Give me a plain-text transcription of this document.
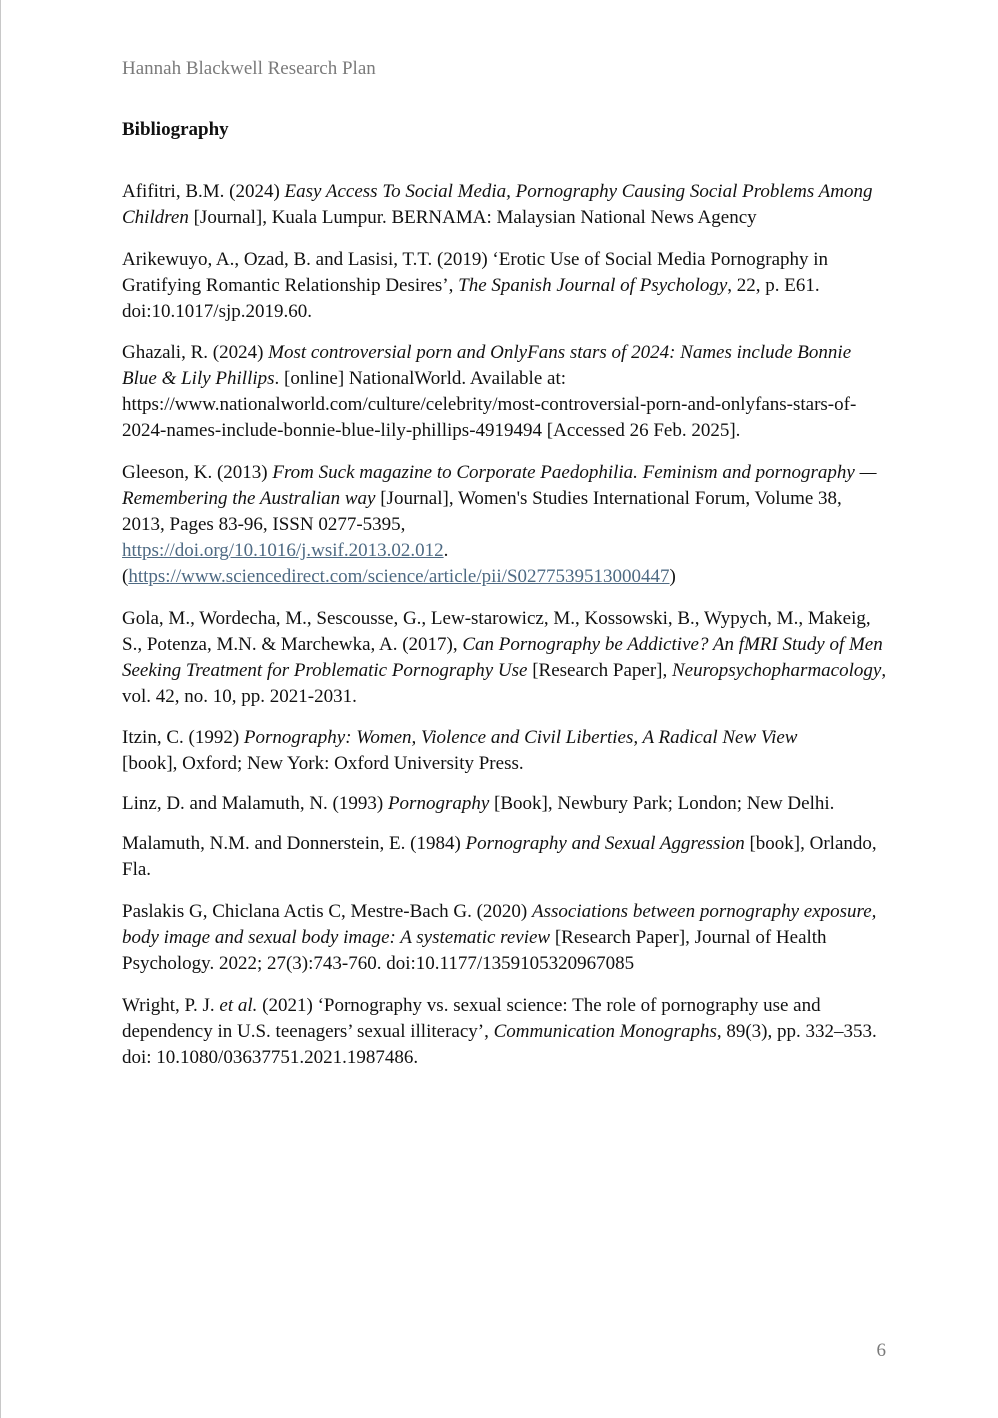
Hannah Blackwell Research Plan
Bibliography
Afifitri, B.M. (2024) Easy Access To Social Media, Pornography Causing Social Problems Among Children [Journal], Kuala Lumpur. BERNAMA: Malaysian National News Agency
Arikewuyo, A., Ozad, B. and Lasisi, T.T. (2019) ‘Erotic Use of Social Media Pornography in Gratifying Romantic Relationship Desires’, The Spanish Journal of Psychology, 22, p. E61. doi:10.1017/sjp.2019.60.
Ghazali, R. (2024) Most controversial porn and OnlyFans stars of 2024: Names include Bonnie Blue & Lily Phillips. [online] NationalWorld. Available at:
https://www.nationalworld.com/culture/celebrity/most-controversial-porn-and-onlyfans-stars-of-2024-names-include-bonnie-blue-lily-phillips-4919494 [Accessed 26 Feb. 2025].
Gleeson, K. (2013) From Suck magazine to Corporate Paedophilia. Feminism and pornography — Remembering the Australian way [Journal], Women's Studies International Forum, Volume 38, 2013, Pages 83-96, ISSN 0277-5395,
https://doi.org/10.1016/j.wsif.2013.02.012.
(https://www.sciencedirect.com/science/article/pii/S0277539513000447)
Gola, M., Wordecha, M., Sescousse, G., Lew-starowicz, M., Kossowski, B., Wypych, M., Makeig, S., Potenza, M.N. & Marchewka, A. (2017), Can Pornography be Addictive? An fMRI Study of Men Seeking Treatment for Problematic Pornography Use [Research Paper], Neuropsychopharmacology, vol. 42, no. 10, pp. 2021-2031.
Itzin, C. (1992) Pornography: Women, Violence and Civil Liberties, A Radical New View
[book], Oxford; New York: Oxford University Press.
Linz, D. and Malamuth, N. (1993) Pornography [Book], Newbury Park; London; New Delhi.
Malamuth, N.M. and Donnerstein, E. (1984) Pornography and Sexual Aggression [book], Orlando, Fla.
Paslakis G, Chiclana Actis C, Mestre-Bach G. (2020) Associations between pornography exposure, body image and sexual body image: A systematic review [Research Paper], Journal of Health Psychology. 2022; 27(3):743-760. doi:10.1177/1359105320967085
Wright, P. J. et al. (2021) ‘Pornography vs. sexual science: The role of pornography use and dependency in U.S. teenagers’ sexual illiteracy’, Communication Monographs, 89(3), pp. 332–353. doi: 10.1080/03637751.2021.1987486.
6
